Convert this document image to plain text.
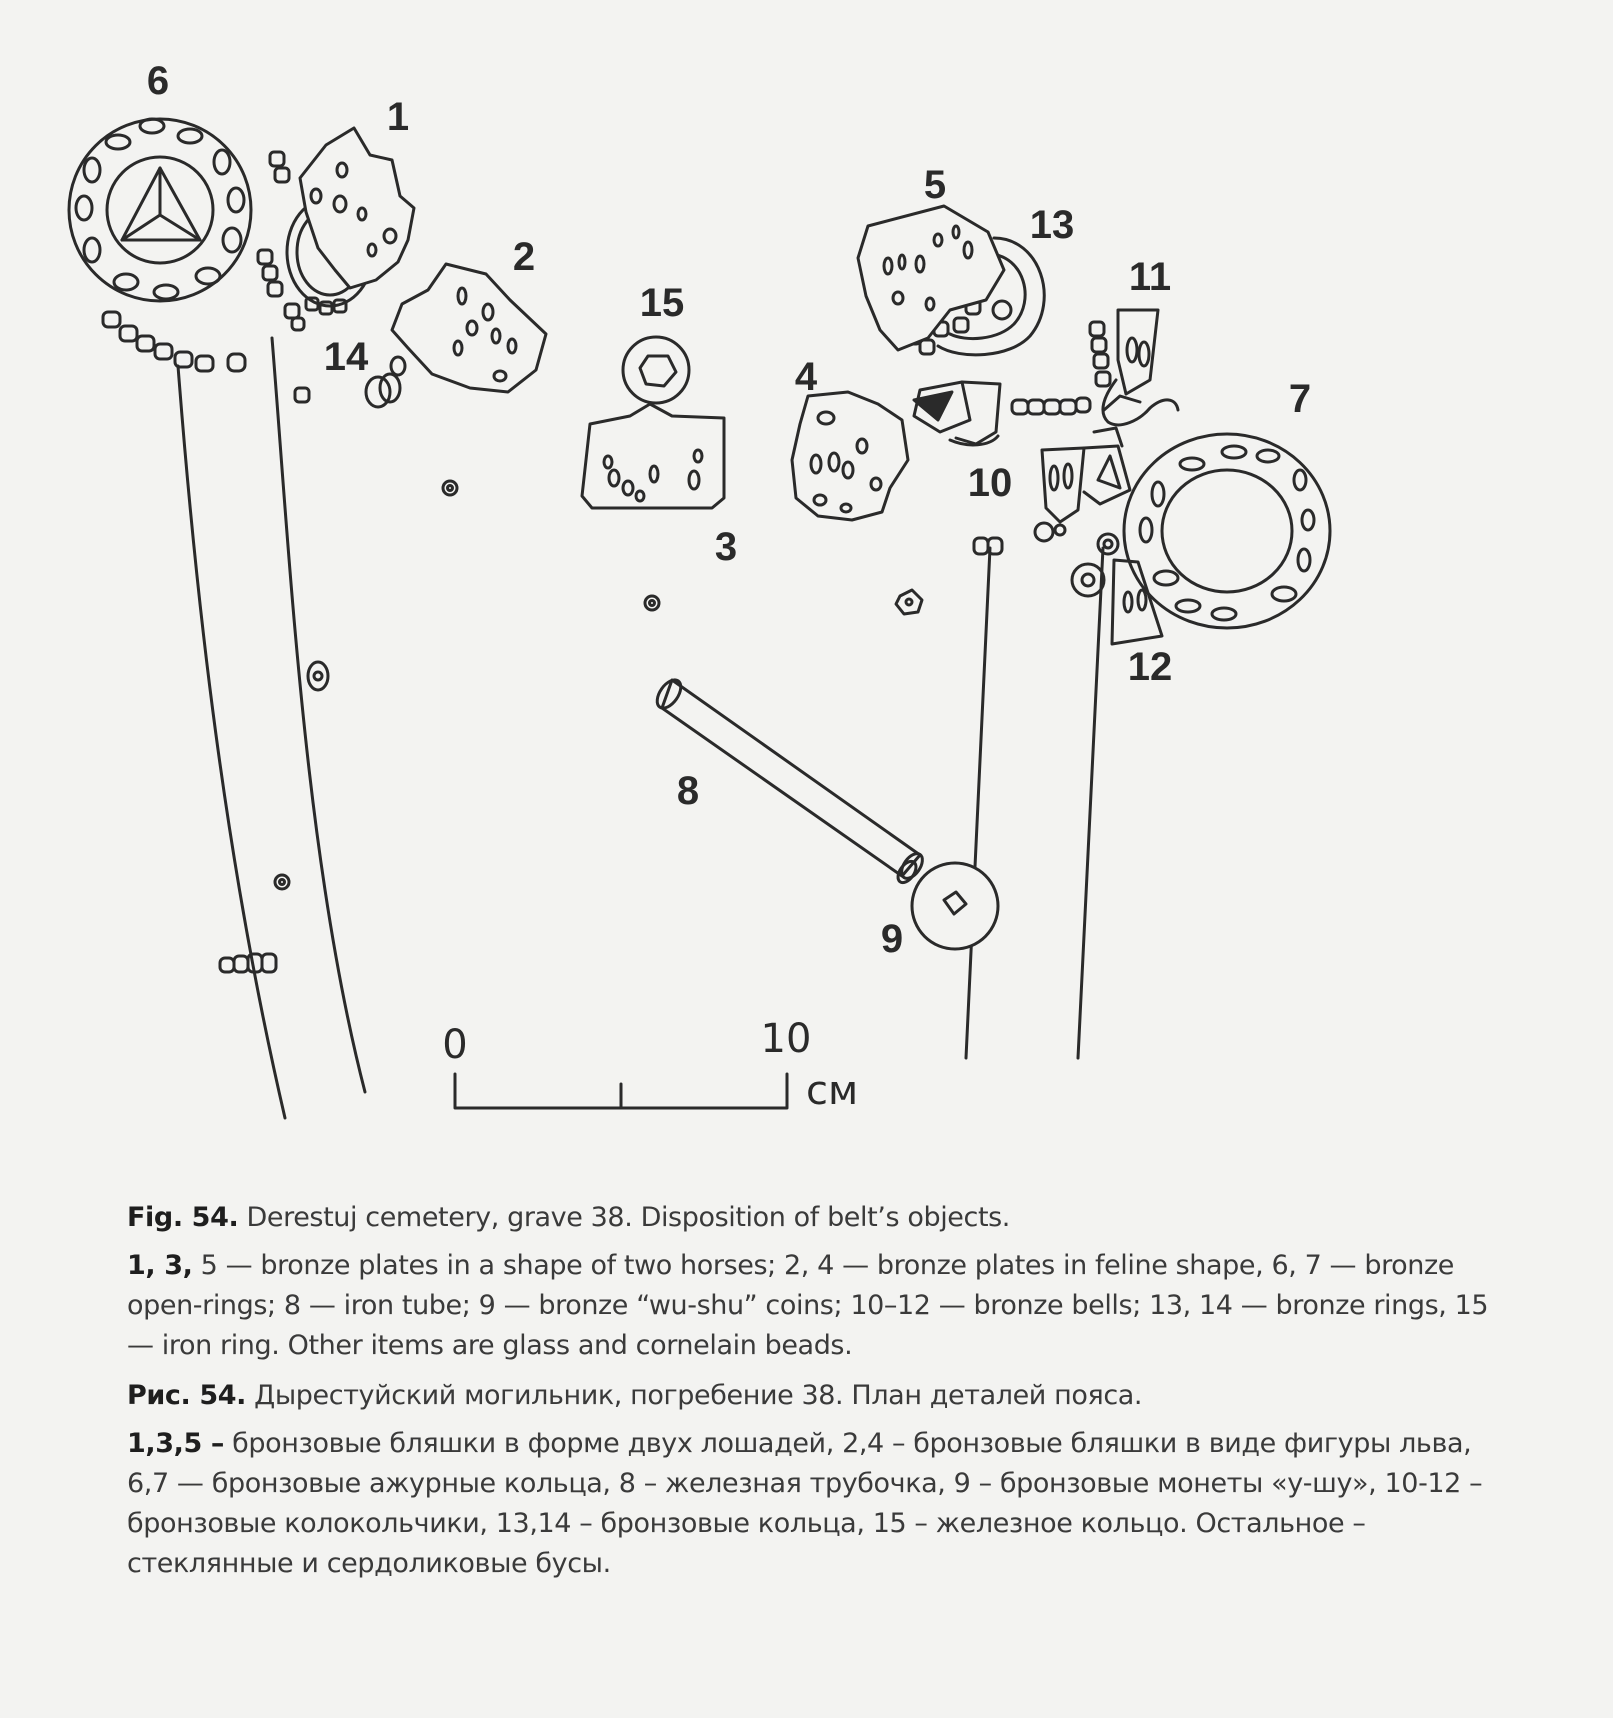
6
1
2
14
15
3
4
5
13
11
7
10
12
8
9
0	10
см

Fig. 54. Derestuj cemetery, grave 38. Disposition of belt’s objects.

1, 3, 5 — bronze plates in a shape of two horses; 2, 4 — bronze plates in feline shape, 6, 7 — bronze open-rings; 8 — iron tube; 9 — bronze “wu-shu” coins; 10–12 — bronze bells; 13, 14 — bronze rings, 15 — iron ring. Other items are glass and cornelain beads.

Рис. 54. Дырестуйский могильник, погребение 38. План деталей пояса.

1,3,5 – бронзовые бляшки в форме двух лошадей, 2,4 – бронзовые бляшки в виде фигуры льва, 6,7 — бронзовые ажурные кольца, 8 – железная трубочка, 9 – бронзовые монеты «у-шу», 10-12 – бронзовые колокольчики, 13,14 – бронзовые кольца, 15 – железное кольцо. Остальное – стеклянные и сердоликовые бусы.
